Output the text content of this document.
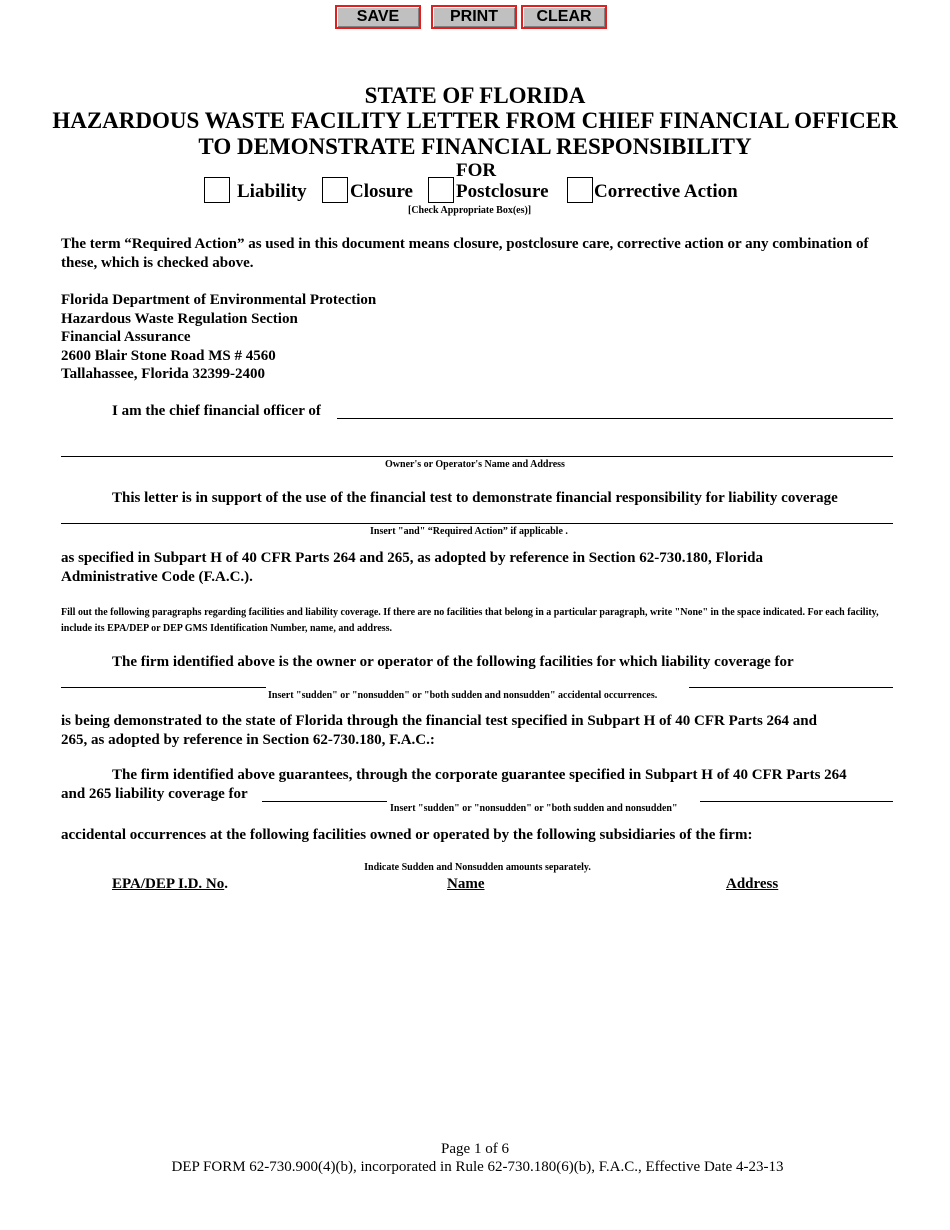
SAVE	PRINT	CLEAR
STATE OF FLORIDA
HAZARDOUS WASTE FACILITY LETTER FROM CHIEF FINANCIAL OFFICER
TO DEMONSTRATE FINANCIAL RESPONSIBILITY
FOR
Liability Closure Postclosure Corrective Action
[Check Appropriate Box(es)]
The term “Required Action” as used in this document means closure, postclosure care, corrective action or any combination of these, which is checked above.
Florida Department of Environmental Protection
Hazardous Waste Regulation Section
Financial Assurance
2600 Blair Stone Road MS # 4560
Tallahassee, Florida 32399-2400
I am the chief financial officer of
Owner's or Operator's Name and Address
This letter is in support of the use of the financial test to demonstrate financial responsibility for liability coverage
Insert "and" “Required Action” if applicable .
as specified in Subpart H of 40 CFR Parts 264 and 265, as adopted by reference in Section 62-730.180, Florida Administrative Code (F.A.C.).
Fill out the following paragraphs regarding facilities and liability coverage. If there are no facilities that belong in a particular paragraph, write "None" in the space indicated. For each facility, include its EPA/DEP or DEP GMS Identification Number, name, and address.
The firm identified above is the owner or operator of the following facilities for which liability coverage for
Insert "sudden" or "nonsudden" or "both sudden and nonsudden" accidental occurrences.
is being demonstrated to the state of Florida through the financial test specified in Subpart H of 40 CFR Parts 264 and 265, as adopted by reference in Section 62-730.180, F.A.C.:
The firm identified above guarantees, through the corporate guarantee specified in Subpart H of 40 CFR Parts 264
and 265 liability coverage for
Insert "sudden" or "nonsudden" or "both sudden and nonsudden"
accidental occurrences at the following facilities owned or operated by the following subsidiaries of the firm:
Indicate Sudden and Nonsudden amounts separately.
EPA/DEP I.D. No.	Name	Address
Page 1 of 6
DEP FORM 62-730.900(4)(b), incorporated in Rule 62-730.180(6)(b), F.A.C., Effective Date 4-23-13
